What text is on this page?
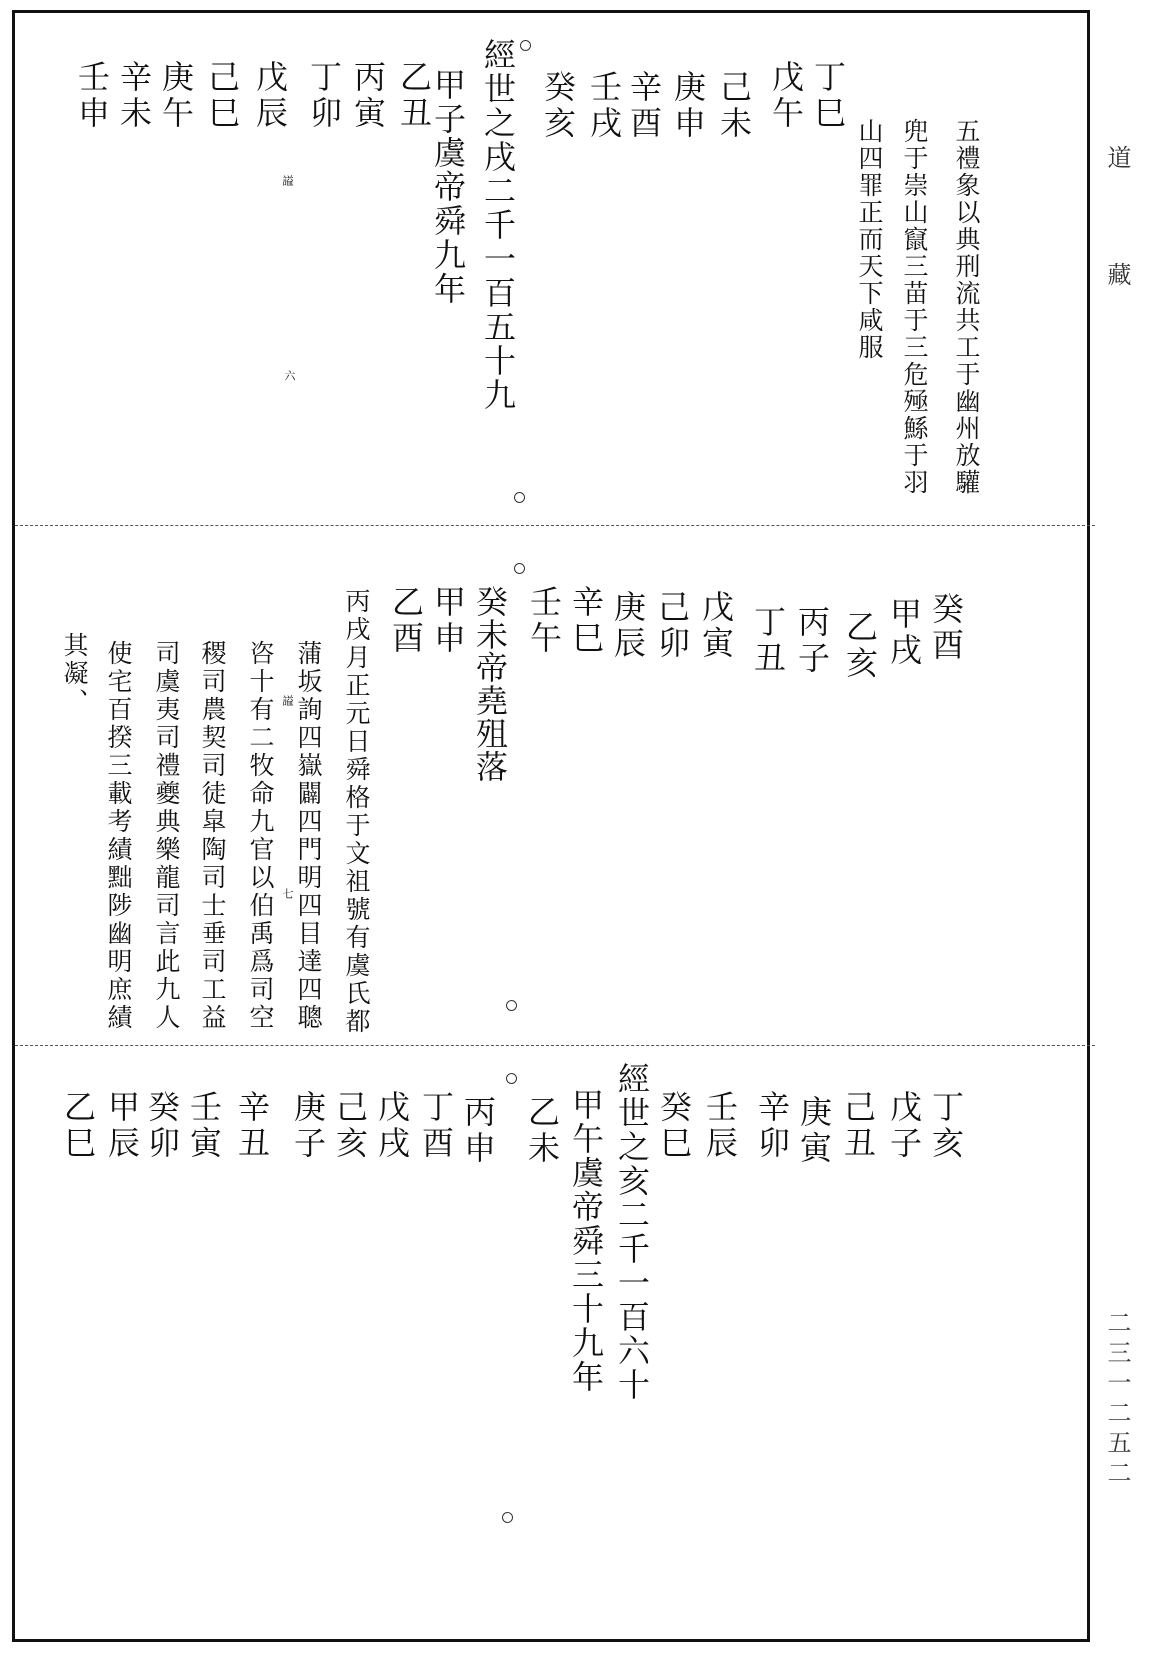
道
藏
二三一二五二
五禮象以典刑流共工于幽州放驩
兜于崇山竄三苗于三危殛鯀于羽
山四罪正而天下咸服
丁巳
戊午
己未
庚申
辛酉
壬戌
癸亥
經世之戌二千一百五十九
甲子虞帝舜九年
乙丑
丙寅
丁卯
戊辰
己巳
庚午
辛未
壬申
謚
六
癸酉
甲戌
乙亥
丙子
丁丑
戊寅
己卯
庚辰
辛巳
壬午
癸未帝堯殂落
甲申
乙酉
丙戌月正元日舜格于文祖號有虞氏都
蒲坂詢四嶽闢四門明四目達四聰
咨十有二牧命九官以伯禹爲司空
稷司農契司徒皐陶司士垂司工益
司虞夷司禮夔典樂龍司言此九人
使宅百揆三載考績黜陟幽明庶績
其凝、	謚
七
丁亥
戊子
己丑
庚寅
辛卯
壬辰
癸巳
經世之亥二千一百六十
甲午虞帝舜三十九年
乙未
丙申
丁酉
戊戌
己亥
庚子
辛丑
壬寅
癸卯
甲辰
乙巳
